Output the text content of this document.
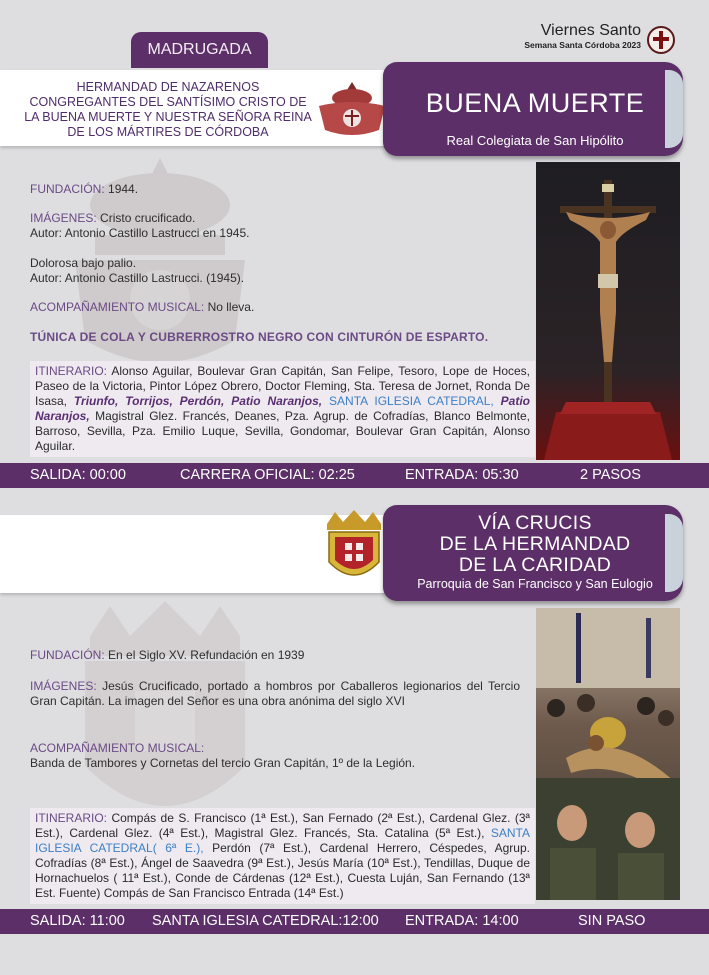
Viernes Santo
Semana Santa Córdoba 2023
MADRUGADA
HERMANDAD DE NAZARENOS
CONGREGANTES DEL SANTÍSIMO CRISTO DE
LA BUENA MUERTE Y NUESTRA SEÑORA REINA
DE LOS MÁRTIRES DE CÓRDOBA
BUENA MUERTE
Real Colegiata de San Hipólito
FUNDACIÓN: 1944.
IMÁGENES: Cristo crucificado.
Autor: Antonio Castillo Lastrucci en 1945.
Dolorosa bajo palio.
Autor: Antonio Castillo Lastrucci. (1945).
ACOMPAÑAMIENTO MUSICAL: No lleva.
TÚNICA DE COLA Y CUBRERROSTRO NEGRO CON CINTURÓN DE ESPARTO.
ITINERARIO: Alonso Aguilar, Boulevar Gran Capitán, San Felipe, Tesoro, Lope de Hoces, Paseo de la Victoria, Pintor López Obrero, Doctor Fleming, Sta. Teresa de Jornet, Ronda De Isasa, Triunfo, Torrijos, Perdón, Patio Naranjos, SANTA IGLESIA CATEDRAL, Patio Naranjos, Magistral Glez. Francés, Deanes, Pza. Agrup. de Cofradías, Blanco Belmonte, Barroso, Sevilla, Pza. Emilio Luque, Sevilla, Gondomar, Boulevar Gran Capitán, Alonso Aguilar.
SALIDA: 00:00	CARRERA OFICIAL: 02:25	ENTRADA: 05:30	2 PASOS
VÍA CRUCIS
DE LA HERMANDAD
DE LA CARIDAD
Parroquia de San Francisco y San Eulogio
FUNDACIÓN: En el Siglo XV. Refundación en 1939
IMÁGENES: Jesús Crucificado, portado a hombros por Caballeros legionarios del Tercio Gran Capitán. La imagen del Señor es una obra anónima del siglo XVI
ACOMPAÑAMIENTO MUSICAL:
Banda de Tambores y Cornetas del tercio Gran Capitán, 1º de la Legión.
ITINERARIO: Compás de S. Francisco (1ª Est.), San Fernado (2ª Est.), Cardenal Glez. (3ª Est.), Cardenal Glez. (4ª Est.), Magistral Glez. Francés, Sta. Catalina (5ª Est.), SANTA IGLESIA CATEDRAL( 6ª E.), Perdón (7ª Est.), Cardenal Herrero, Céspedes, Agrup. Cofradías (8ª Est.), Ángel de Saavedra (9ª Est.), Jesús María (10ª Est.), Tendillas, Duque de Hornachuelos ( 11ª Est.), Conde de Cárdenas (12ª Est.), Cuesta Luján, San Fernando (13ª Est. Fuente) Compás de San Francisco Entrada (14ª Est.)
SALIDA: 11:00 SANTA IGLESIA CATEDRAL:12:00 ENTRADA: 14:00	SIN PASO
